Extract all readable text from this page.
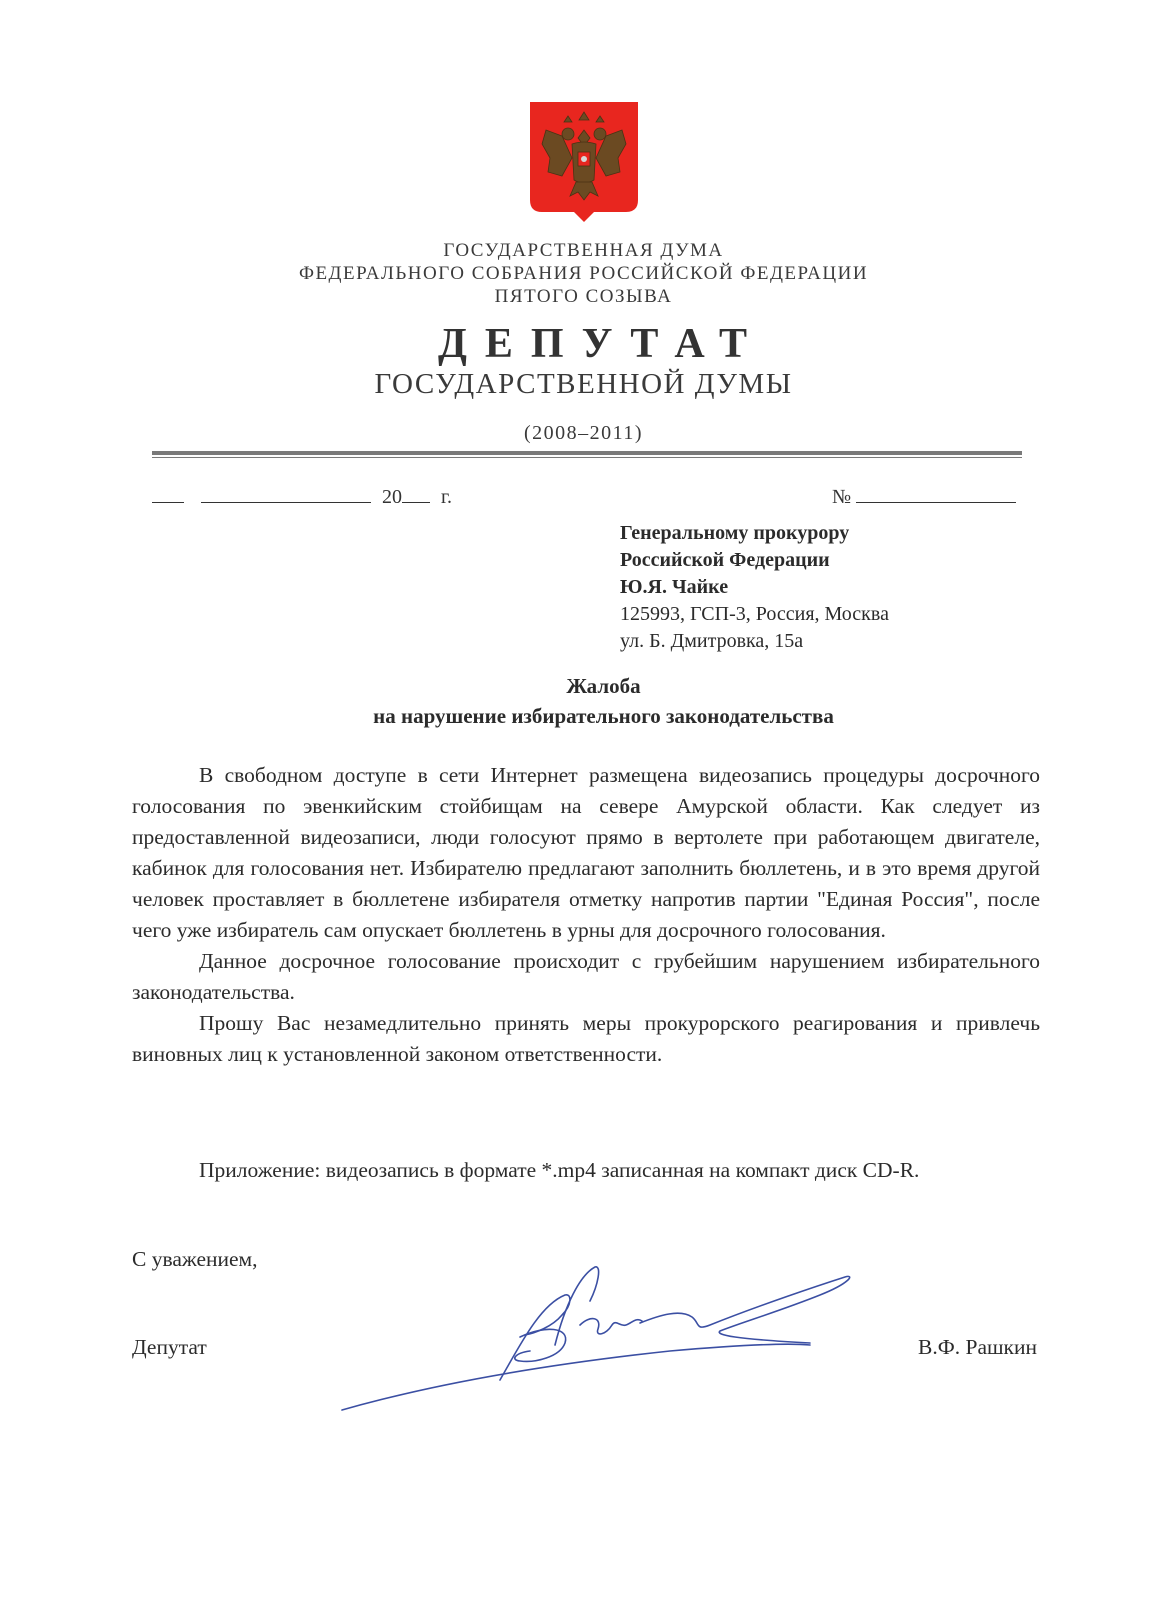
ГОСУДАРСТВЕННАЯ ДУМА
ФЕДЕРАЛЬНОГО СОБРАНИЯ РОССИЙСКОЙ ФЕДЕРАЦИИ
ПЯТОГО СОЗЫВА
ДЕПУТАТ
ГОСУДАРСТВЕННОЙ ДУМЫ
(2008–2011)
20 г.	№
Генеральному прокурору
Российской Федерации
Ю.Я. Чайке
125993, ГСП-3, Россия, Москва
ул. Б. Дмитровка, 15а
Жалоба
на нарушение избирательного законодательства

В свободном доступе в сети Интернет размещена видеозапись процедуры досрочного голосования по эвенкийским стойбищам на севере Амурской области. Как следует из предоставленной видеозаписи, люди голосуют прямо в вертолете при работающем двигателе, кабинок для голосования нет. Избирателю предлагают заполнить бюллетень, и в это время другой человек проставляет в бюллетене избирателя отметку напротив партии "Единая Россия", после чего уже избиратель сам опускает бюллетень в урны для досрочного голосования.

Данное досрочное голосование происходит с грубейшим нарушением избирательного законодательства.

Прошу Вас незамедлительно принять меры прокурорского реагирования и привлечь виновных лиц к установленной законом ответственности.

Приложение: видеозапись в формате *.mp4 записанная на компакт диск CD-R.

С уважением,
Депутат	В.Ф. Рашкин
